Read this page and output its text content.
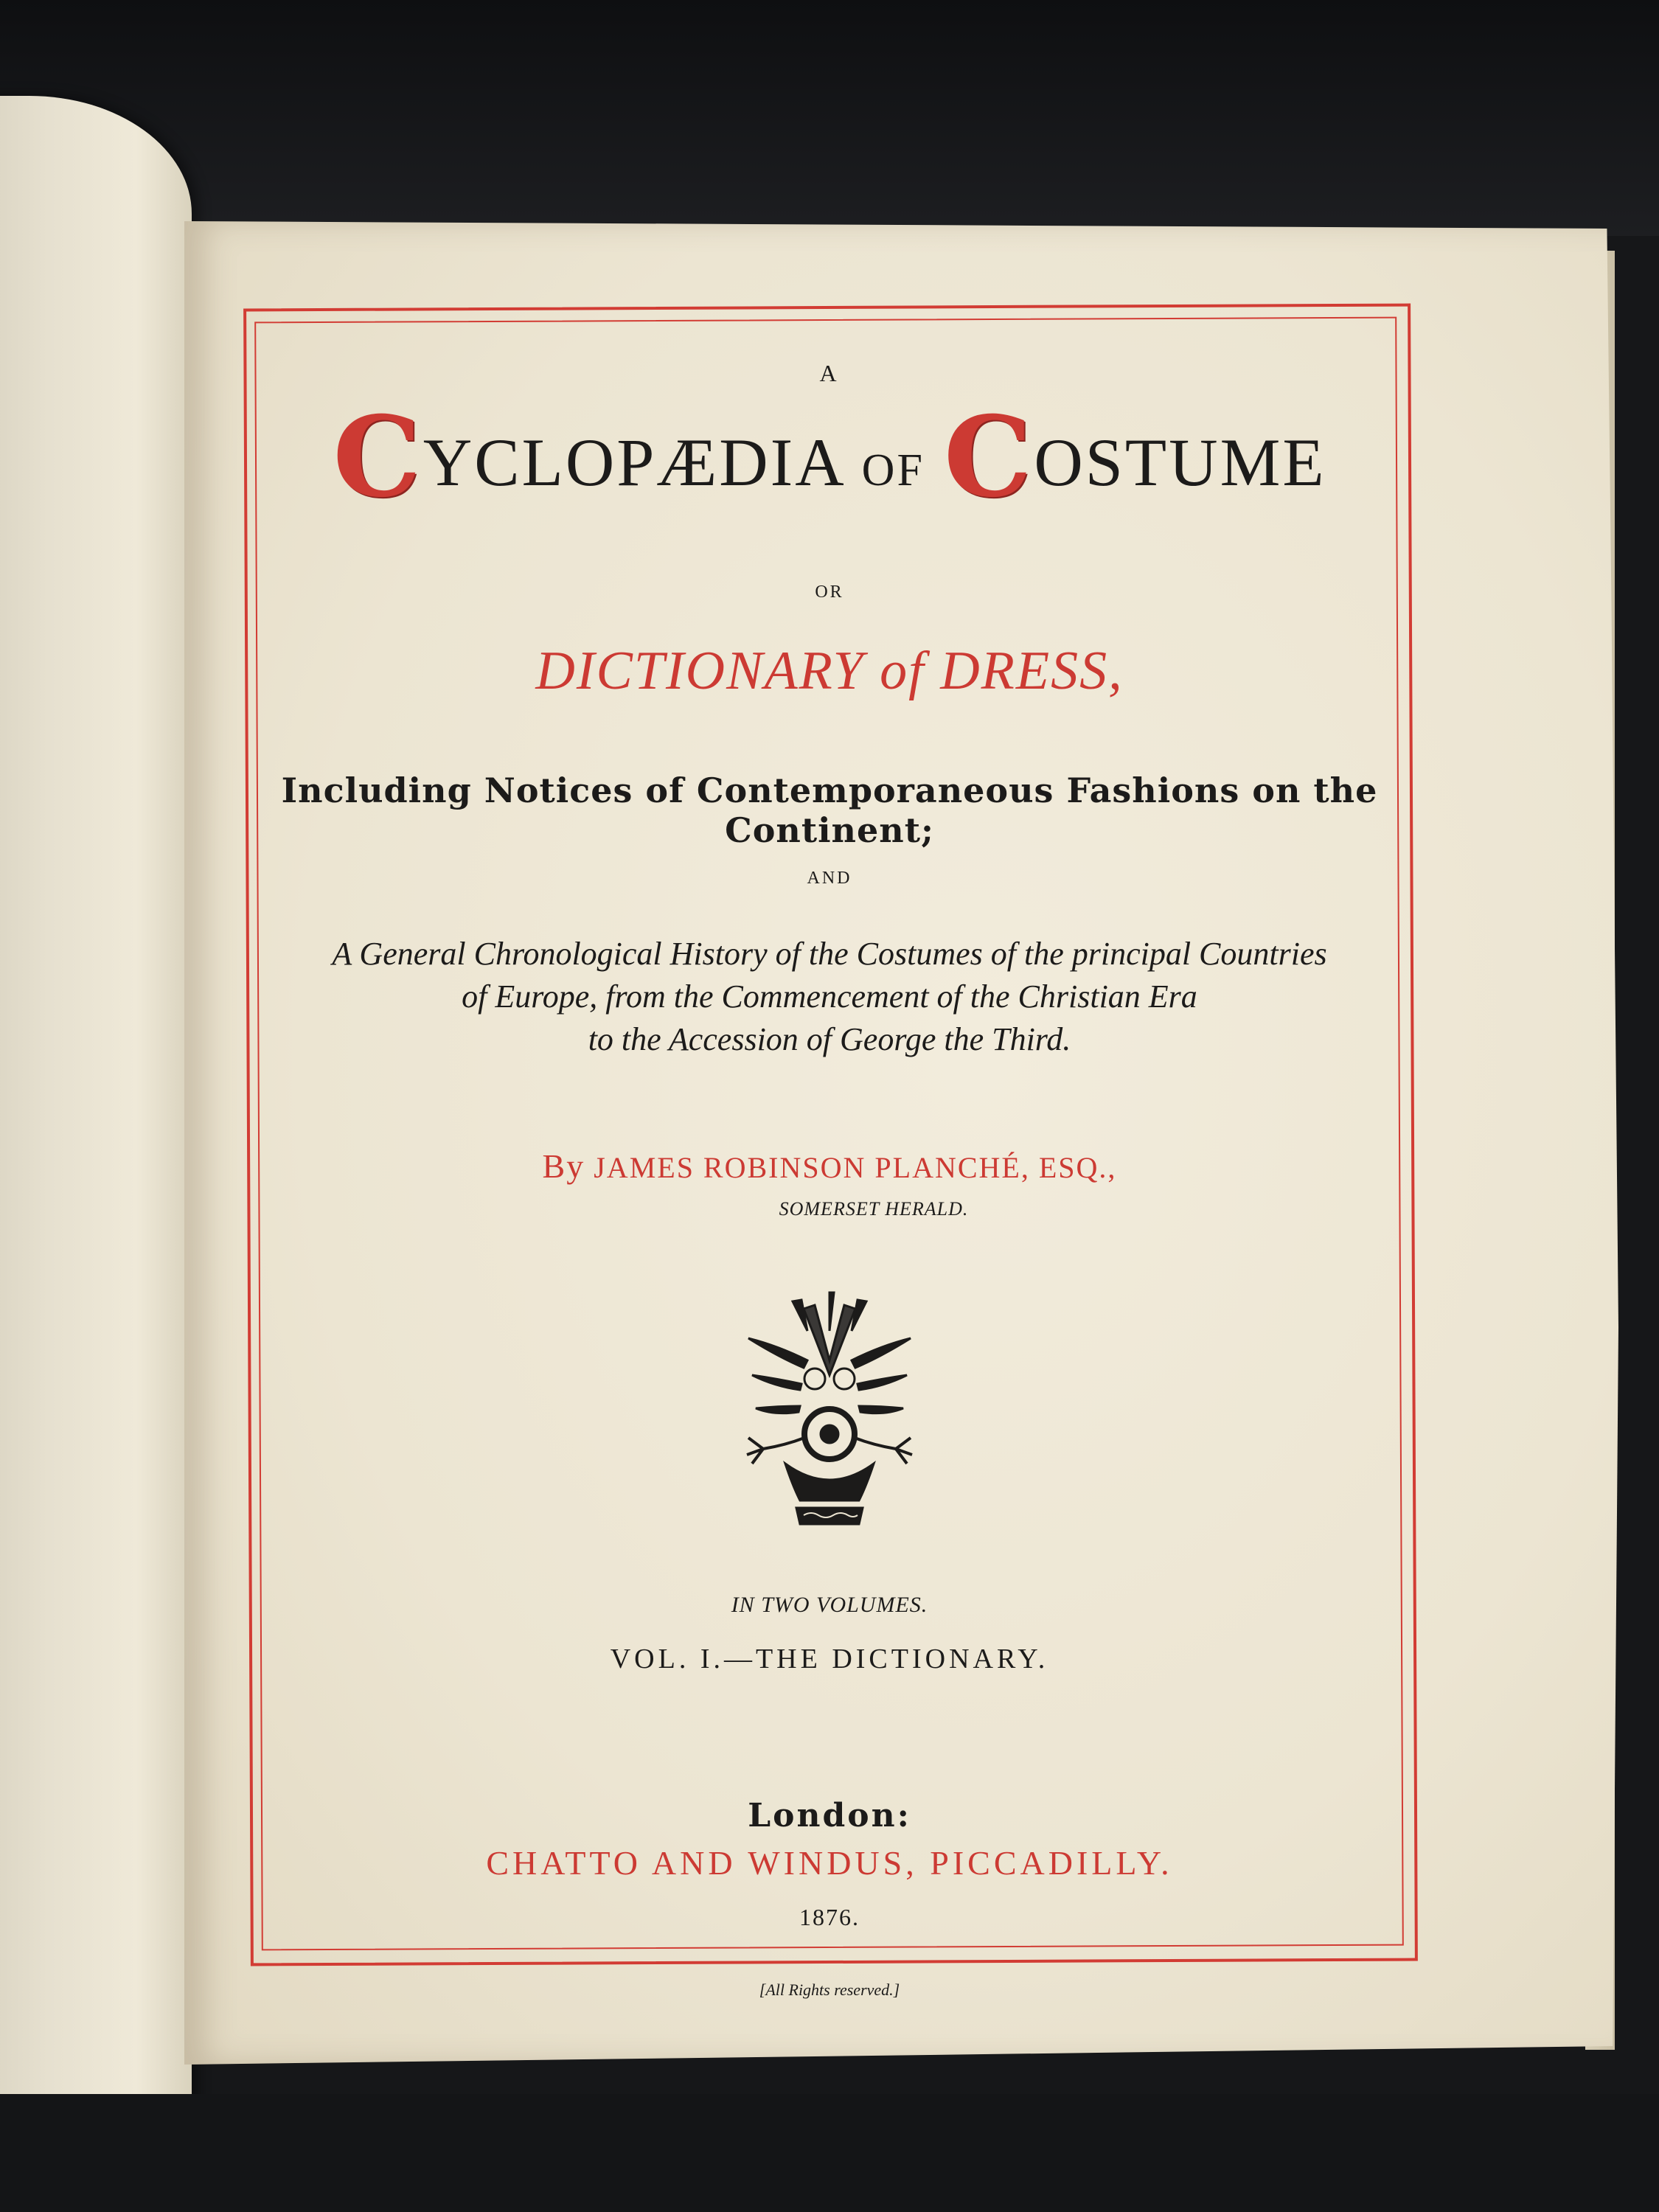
A
CYCLOPÆDIA OF COSTUME
OR
DICTIONARY of DRESS,
Including Notices of Contemporaneous Fashions on the Continent;
AND
A General Chronological History of the Costumes of the principal Countries
of Europe, from the Commencement of the Christian Era
to the Accession of George the Third.
By JAMES ROBINSON PLANCHÉ, ESQ.,
SOMERSET HERALD.
IN TWO VOLUMES.
VOL. I.—THE DICTIONARY.
London:
CHATTO AND WINDUS, PICCADILLY.
1876.
[All Rights reserved.]
